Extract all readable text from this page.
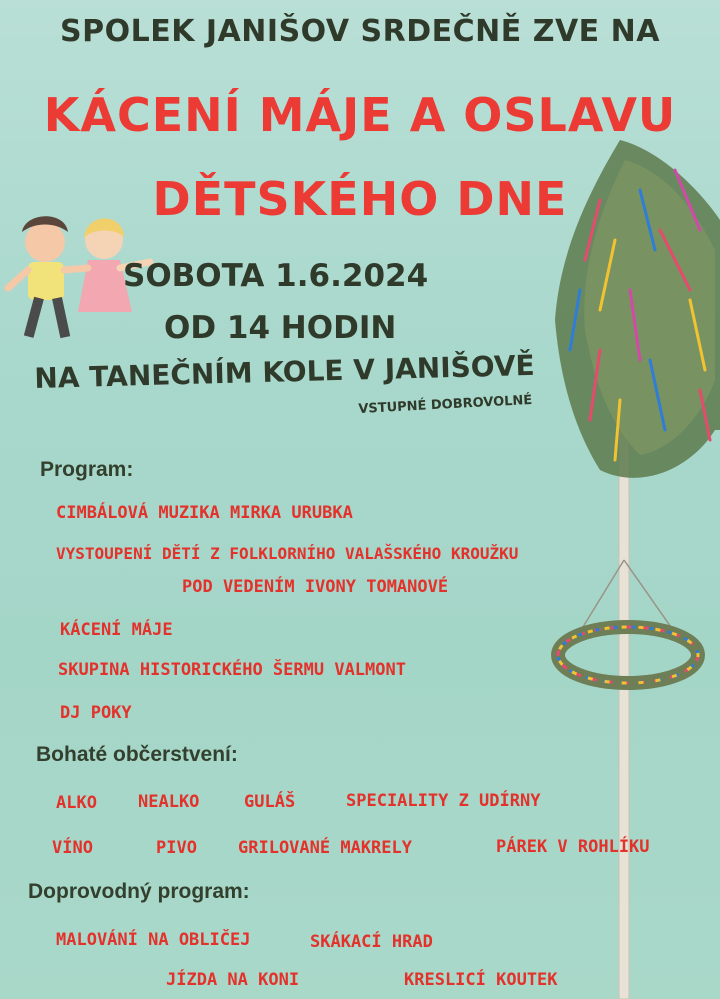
SPOLEK JANIŠOV SRDEČNĚ ZVE NA
KÁCENÍ MÁJE A OSLAVU
DĚTSKÉHO DNE
SOBOTA 1.6.2024
OD 14 HODIN
NA TANEČNÍM KOLE V JANIŠOVĚ
VSTUPNÉ DOBROVOLNÉ
Program:
CIMBÁLOVÁ MUZIKA MIRKA URUBKA
VYSTOUPENÍ DĚTÍ Z FOLKLORNÍHO VALAŠSKÉHO KROUŽKU
POD VEDENÍM IVONY TOMANOVÉ
KÁCENÍ MÁJE
SKUPINA HISTORICKÉHO ŠERMU VALMONT
DJ POKY
Bohaté občerstvení:
ALKO NEALKO	GULÁŠ	SPECIALITY Z UDÍRNY
VÍNO	PIVO GRILOVANÉ MAKRELY	PÁREK V ROHLÍKU
Doprovodný program:
MALOVÁNÍ NA OBLIČEJ	SKÁKACÍ HRAD
JÍZDA NA KONI	KRESLICÍ KOUTEK
